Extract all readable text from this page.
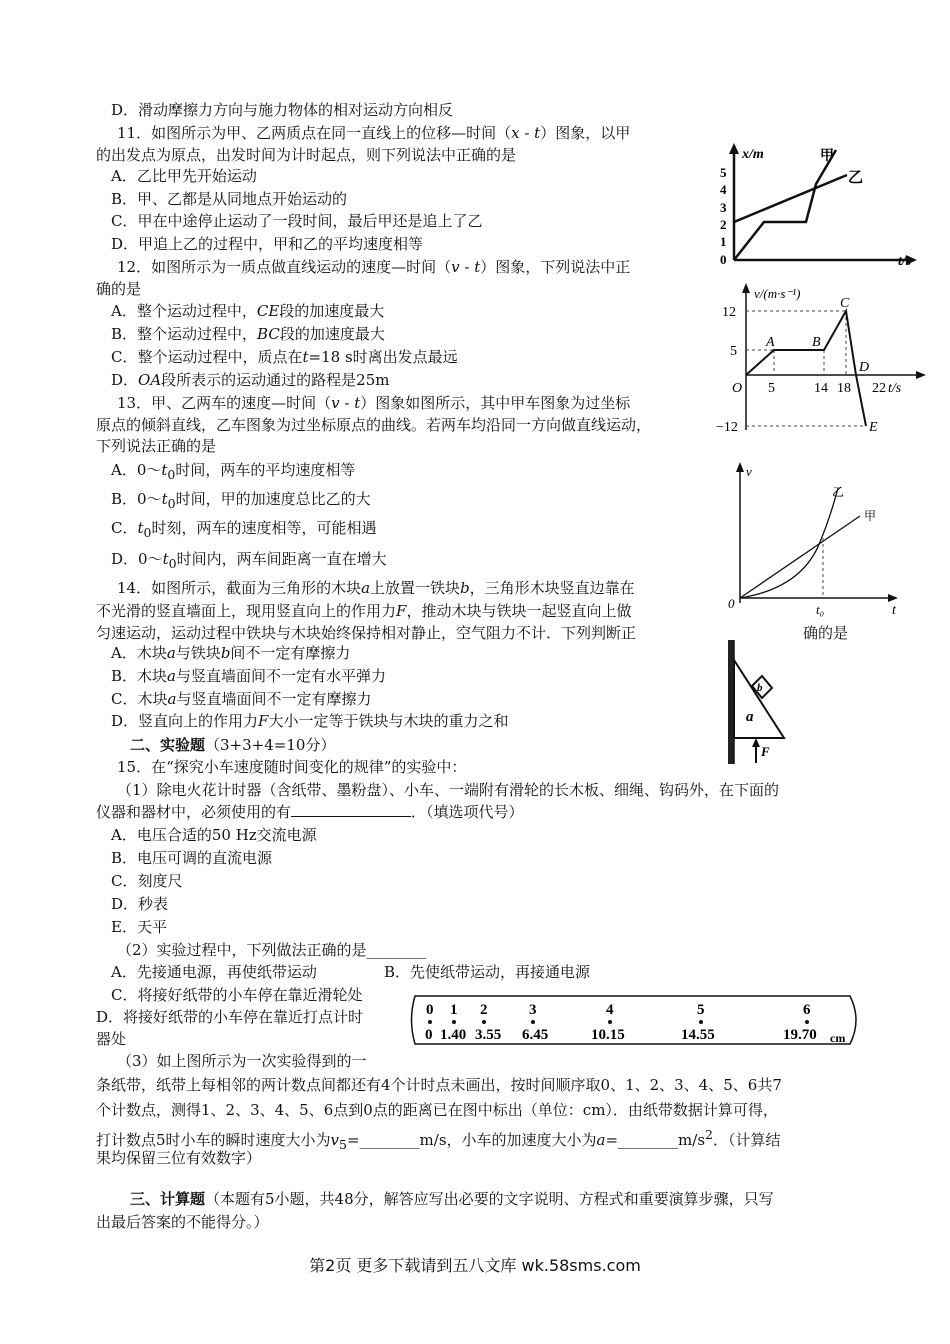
D．滑动摩擦力方向与施力物体的相对运动方向相反
11．如图所示为甲、乙两质点在同一直线上的位移—时间（x - t）图象，以甲
的出发点为原点，出发时间为计时起点，则下列说法中正确的是
A．乙比甲先开始运动
B．甲、乙都是从同地点开始运动的
C．甲在中途停止运动了一段时间，最后甲还是追上了乙
D．甲追上乙的过程中，甲和乙的平均速度相等
x/m
t/s
5
4
3
2
1
0
甲
乙
12．如图所示为一质点做直线运动的速度—时间（v - t）图象，下列说法中正
确的是
A．整个运动过程中，CE段的加速度最大
B．整个运动过程中，BC段的加速度最大
C．整个运动过程中，质点在t=18 s时离出发点最远
D．OA段所表示的运动通过的路程是25m
v/(m·s⁻¹)
12
5
−12
O 5	14 18 22 t/s
A	B
C
D
E
13．甲、乙两车的速度—时间（v - t）图象如图所示，其中甲车图象为过坐标
原点的倾斜直线，乙车图象为过坐标原点的曲线。若两车均沿同一方向做直线运动，
下列说法正确的是
A．$0\sim t_0$时间，两车的平均速度相等
B．$0\sim t_0$时间，甲的加速度总比乙的大
C．$t_0$时刻，两车的速度相等，可能相遇
D．$0\sim t_0$时间内，两车间距离一直在增大
v
t
0	t₀
乙
甲
14．如图所示，截面为三角形的木块a上放置一铁块b，三角形木块竖直边靠在
不光滑的竖直墙面上，现用竖直向上的作用力F，推动木块与铁块一起竖直向上做
匀速运动，运动过程中铁块与木块始终保持相对静止，空气阻力不计．下列判断正	确的是
A．木块a与铁块b间不一定有摩擦力
B．木块a与竖直墙面间不一定有水平弹力
C．木块a与竖直墙面间不一定有摩擦力
D．竖直向上的作用力F大小一定等于铁块与木块的重力之和
b
a
F
二、实验题（3+3+4=10分）
15．在“探究小车速度随时间变化的规律”的实验中：
（1）除电火花计时器（含纸带、墨粉盘）、小车、一端附有滑轮的长木板、细绳、钩码外，在下面的
仪器和器材中，必须使用的有	．（填选项代号）
A．电压合适的50 Hz交流电源
B．电压可调的直流电源
C．刻度尺
D．秒表
E．天平
（2）实验过程中，下列做法正确的是________
A．先接通电源，再使纸带运动	B．先使纸带运动，再接通电源
C．将接好纸带的小车停在靠近滑轮处
D．将接好纸带的小车停在靠近打点计时
器处
0 1 2	3	4	5	6
0 1.40 3.55 6.45	10.15	14.55	19.70 cm
（3）如上图所示为一次实验得到的一
条纸带，纸带上每相邻的两计数点间都还有4个计时点未画出，按时间顺序取0、1、2、3、4、5、6共7
个计数点，测得1、2、3、4、5、6点到0点的距离已在图中标出（单位：cm）．由纸带数据计算可得，
打计数点5时小车的瞬时速度大小为$v_5=\_\_\_\_\_\_\_\_m/s$，小车的加速度大小为$a=\_\_\_\_\_\_\_\_m/s^2$．（计算结
果均保留三位有效数字）
三、计算题（本题有5小题，共48分，解答应写出必要的文字说明、方程式和重要演算步骤，只写
出最后答案的不能得分。）
第2页 更多下载请到五八文库 wk.58sms.com
